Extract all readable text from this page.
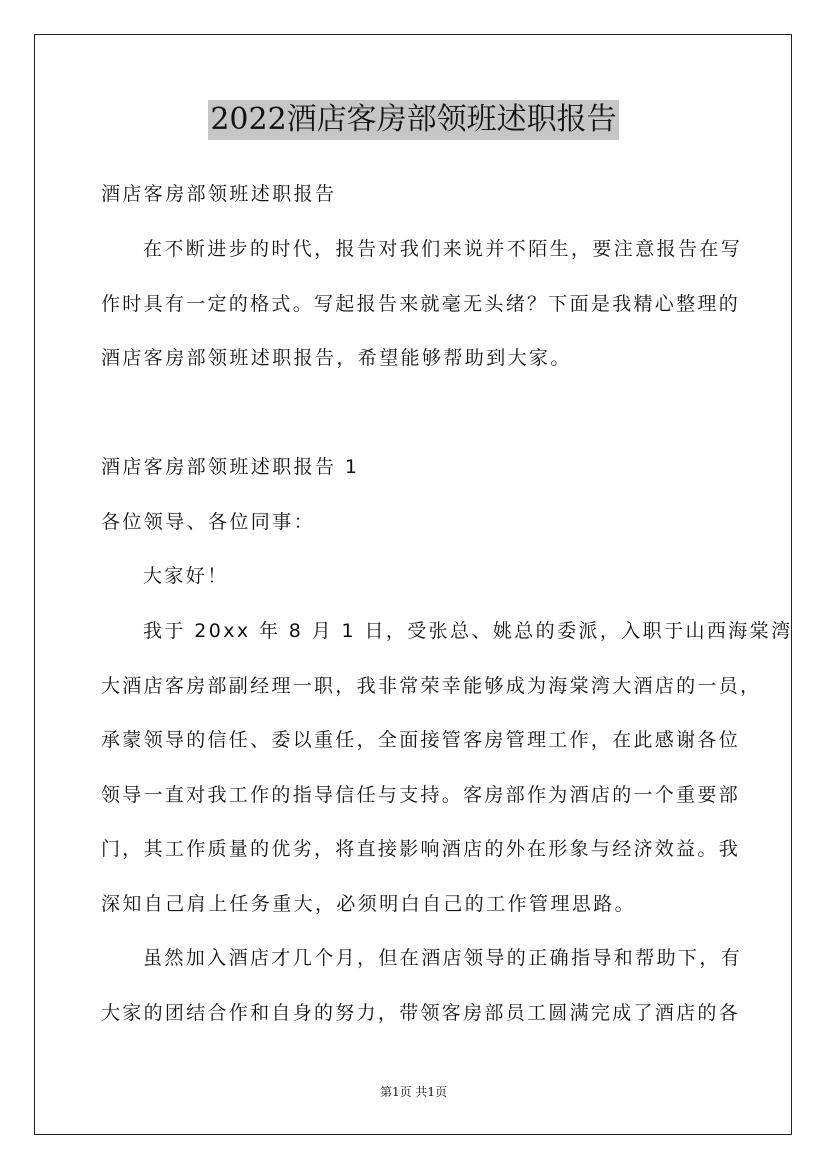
2022酒店客房部领班述职报告
酒店客房部领班述职报告
在不断进步的时代，报告对我们来说并不陌生，要注意报告在写
作时具有一定的格式。写起报告来就毫无头绪？下面是我精心整理的
酒店客房部领班述职报告，希望能够帮助到大家。
酒店客房部领班述职报告 1
各位领导、各位同事：
大家好！
我于 20xx 年 8 月 1 日，受张总、姚总的委派，入职于山西海棠湾
大酒店客房部副经理一职，我非常荣幸能够成为海棠湾大酒店的一员，
承蒙领导的信任、委以重任，全面接管客房管理工作，在此感谢各位
领导一直对我工作的指导信任与支持。客房部作为酒店的一个重要部
门，其工作质量的优劣，将直接影响酒店的外在形象与经济效益。我
深知自己肩上任务重大，必须明白自己的工作管理思路。
虽然加入酒店才几个月，但在酒店领导的正确指导和帮助下，有
大家的团结合作和自身的努力，带领客房部员工圆满完成了酒店的各
第1页 共1页
